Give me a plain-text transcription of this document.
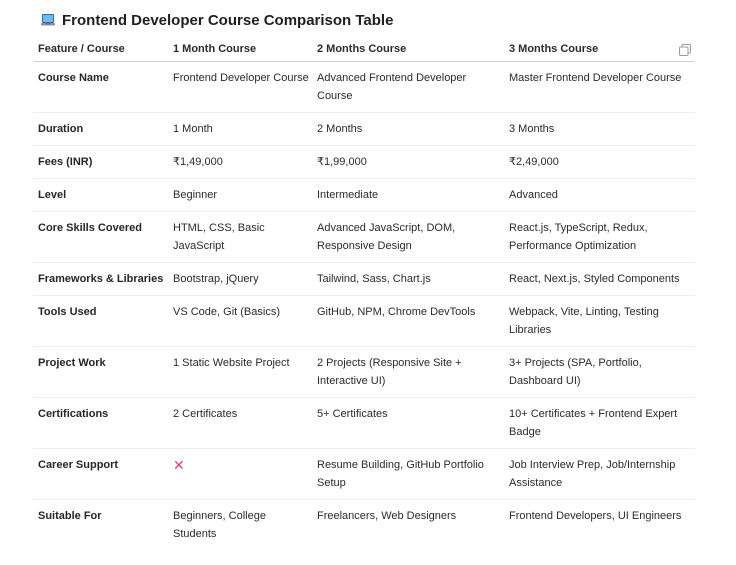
Frontend Developer Course Comparison Table
Feature / Course	1 Month Course	2 Months Course	3 Months Course
Course Name	Frontend Developer Course	Advanced Frontend Developer Course	Master Frontend Developer Course
Duration	1 Month	2 Months	3 Months
Fees (INR)	₹1,49,000	₹1,99,000	₹2,49,000
Level	Beginner	Intermediate	Advanced
Core Skills Covered	HTML, CSS, Basic JavaScript	Advanced JavaScript, DOM, Responsive Design	React.js, TypeScript, Redux, Performance Optimization
Frameworks & Libraries	Bootstrap, jQuery	Tailwind, Sass, Chart.js	React, Next.js, Styled Components
Tools Used	VS Code, Git (Basics)	GitHub, NPM, Chrome DevTools	Webpack, Vite, Linting, Testing Libraries
Project Work	1 Static Website Project	2 Projects (Responsive Site + Interactive UI)	3+ Projects (SPA, Portfolio, Dashboard UI)
Certifications	2 Certificates	5+ Certificates	10+ Certificates + Frontend Expert Badge
Career Support	✕	Resume Building, GitHub Portfolio Setup	Job Interview Prep, Job/Internship Assistance
Suitable For	Beginners, College Students	Freelancers, Web Designers	Frontend Developers, UI Engineers
